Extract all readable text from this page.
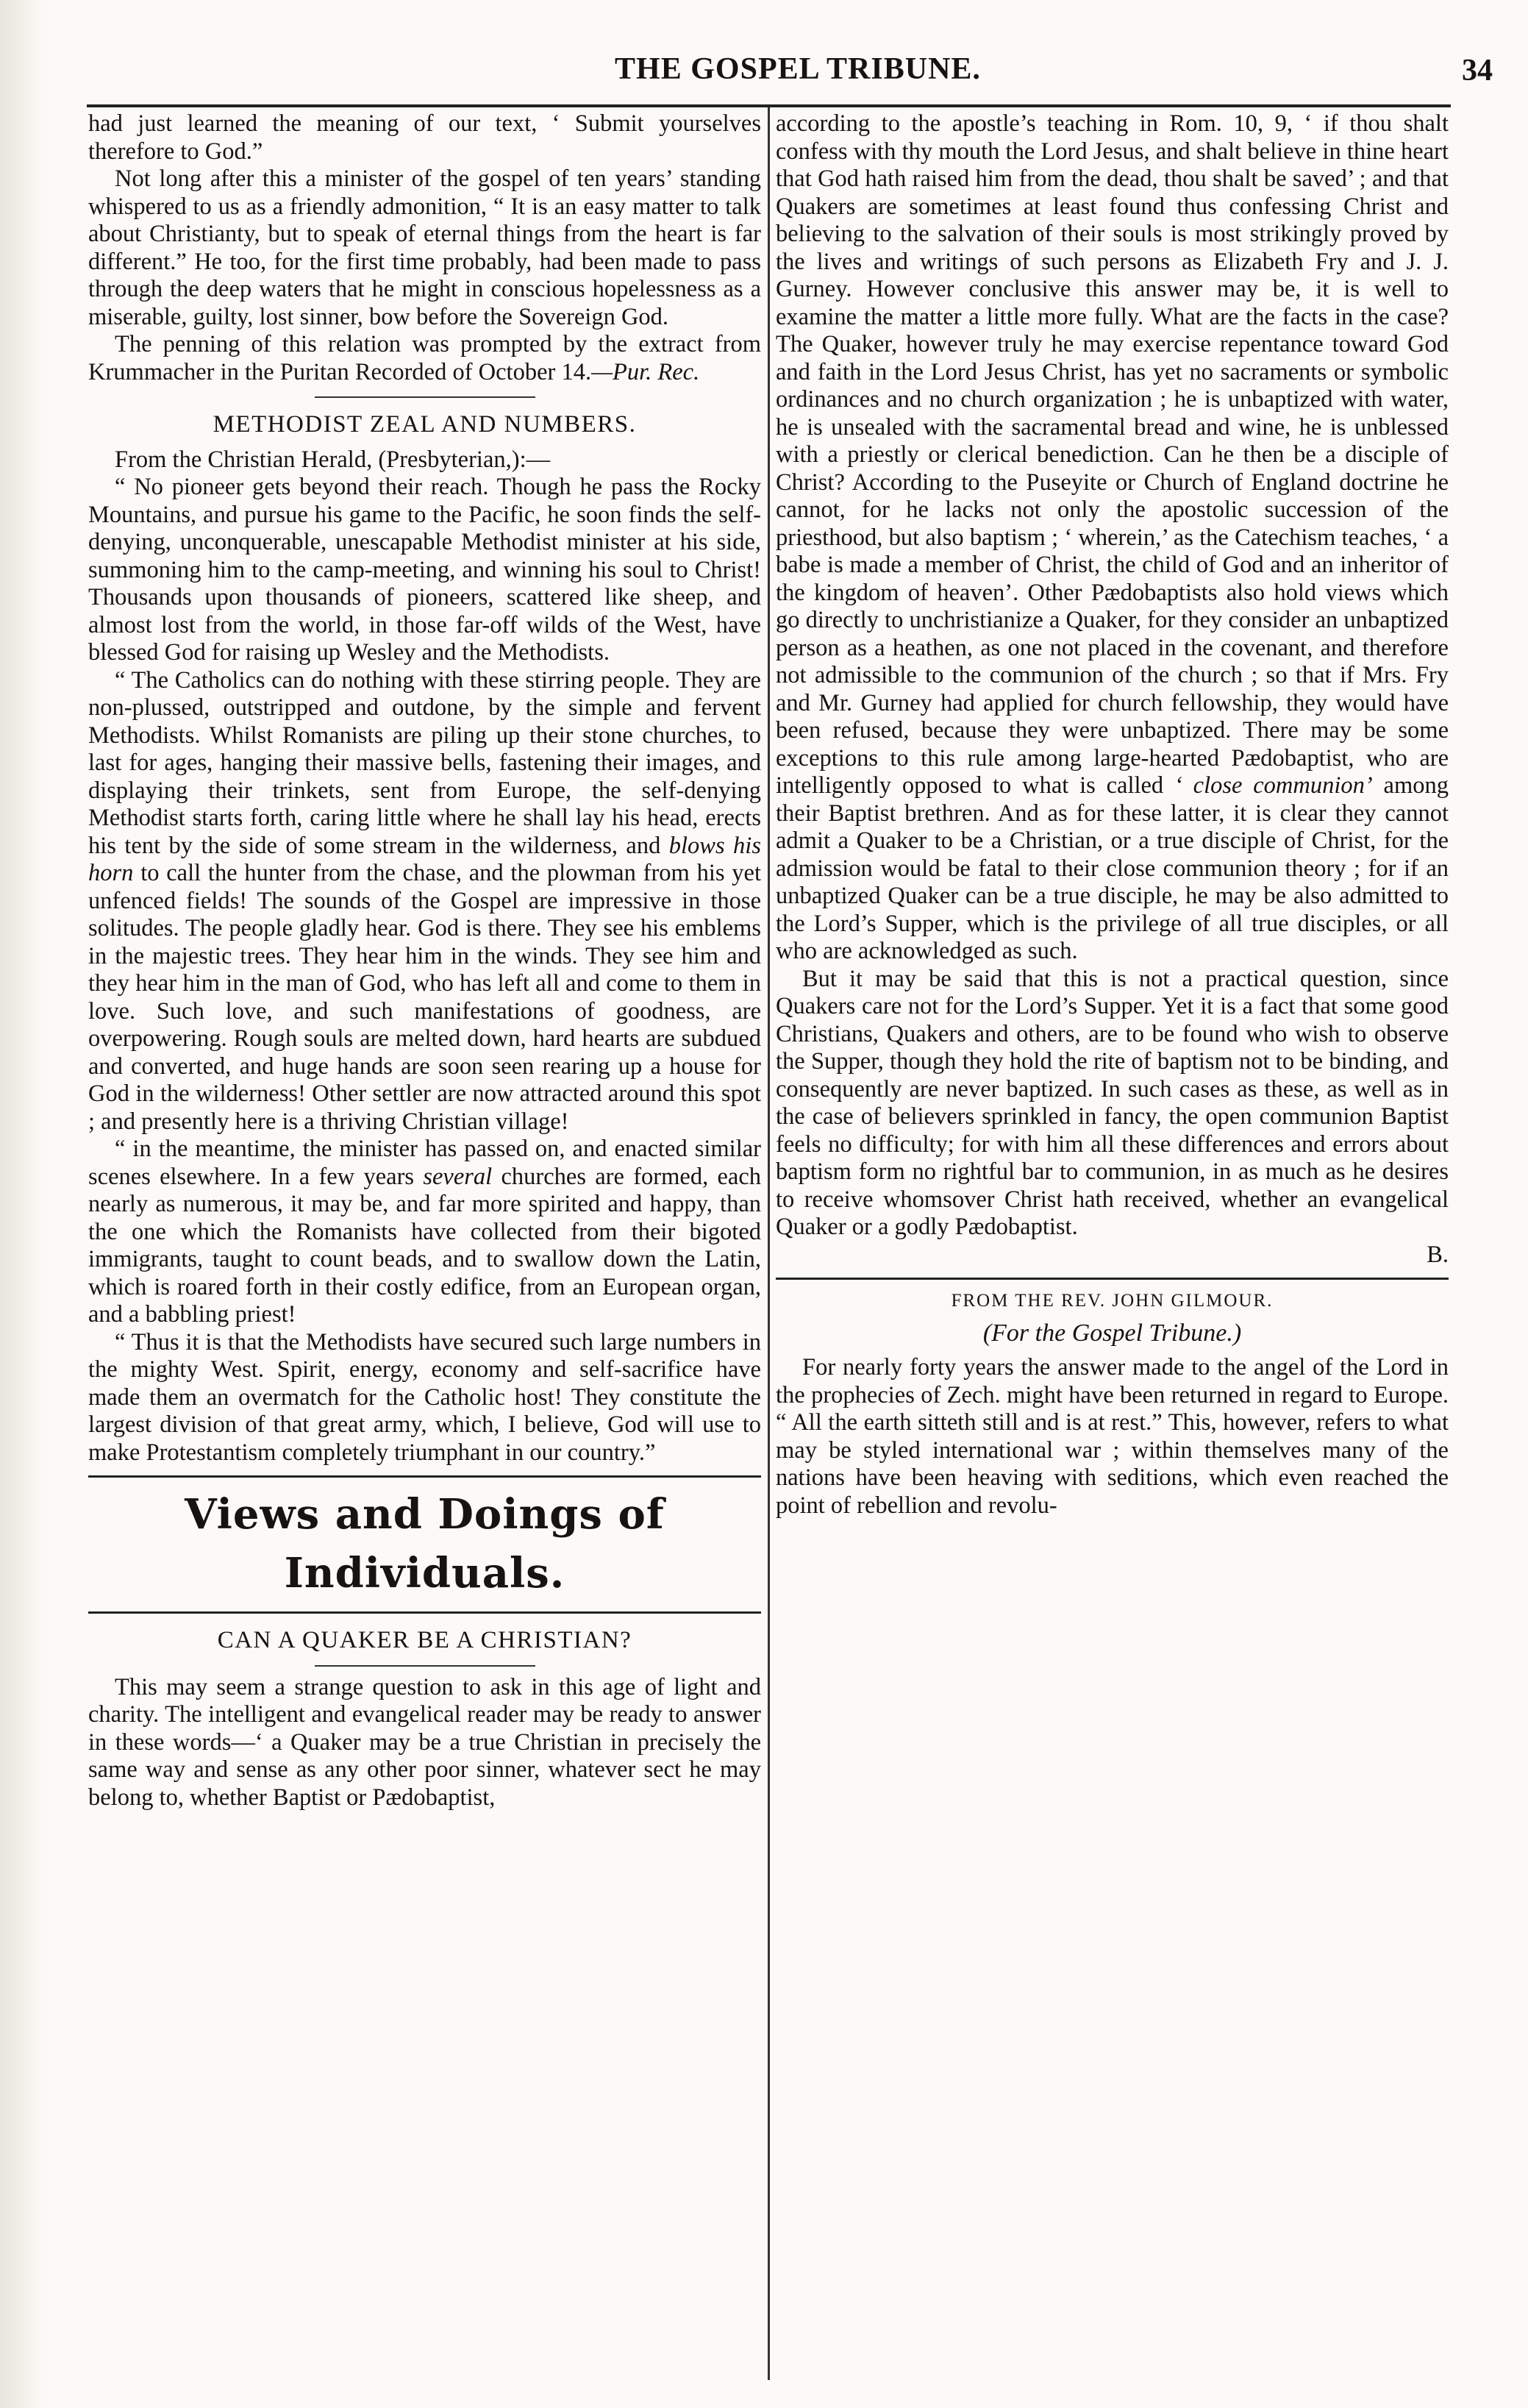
THE GOSPEL TRIBUNE.	34

had just learned the meaning of our text, ‘ Submit yourselves therefore to God.”

Not long after this a minister of the gospel of ten years’ standing whispered to us as a friendly admonition, “ It is an easy matter to talk about Christianty, but to speak of eternal things from the heart is far different.” He too, for the first time probably, had been made to pass through the deep waters that he might in conscious hopelessness as a miserable, guilty, lost sinner, bow before the Sovereign God.

The penning of this relation was prompted by the extract from Krummacher in the Puritan Recorded of October 14.—Pur. Rec.

METHODIST ZEAL AND NUMBERS.

From the Christian Herald, (Presbyterian,):—

“ No pioneer gets beyond their reach. Though he pass the Rocky Mountains, and pursue his game to the Pacific, he soon finds the self-denying, unconquerable, unescapable Methodist minister at his side, summoning him to the camp-meeting, and winning his soul to Christ! Thousands upon thousands of pioneers, scattered like sheep, and almost lost from the world, in those far-off wilds of the West, have blessed God for raising up Wesley and the Methodists.

“ The Catholics can do nothing with these stirring people. They are non-plussed, outstripped and outdone, by the simple and fervent Methodists. Whilst Romanists are piling up their stone churches, to last for ages, hanging their massive bells, fastening their images, and displaying their trinkets, sent from Europe, the self-denying Methodist starts forth, caring little where he shall lay his head, erects his tent by the side of some stream in the wilderness, and blows his horn to call the hunter from the chase, and the plowman from his yet unfenced fields! The sounds of the Gospel are impressive in those solitudes. The people gladly hear. God is there. They see his emblems in the majestic trees. They hear him in the winds. They see him and they hear him in the man of God, who has left all and come to them in love. Such love, and such manifestations of goodness, are overpowering. Rough souls are melted down, hard hearts are subdued and converted, and huge hands are soon seen rearing up a house for God in the wilderness! Other settler are now attracted around this spot ; and presently here is a thriving Christian village!

“ in the meantime, the minister has passed on, and enacted similar scenes elsewhere. In a few years several churches are formed, each nearly as numerous, it may be, and far more spirited and happy, than the one which the Romanists have collected from their bigoted immigrants, taught to count beads, and to swallow down the Latin, which is roared forth in their costly edifice, from an European organ, and a babbling priest!

“ Thus it is that the Methodists have secured such large numbers in the mighty West. Spirit, energy, economy and self-sacrifice have made them an overmatch for the Catholic host! They constitute the largest division of that great army, which, I believe, God will use to make Protestantism completely triumphant in our country.”

Views and Doings of Individuals.
CAN A QUAKER BE A CHRISTIAN?

This may seem a strange question to ask in this age of light and charity. The intelligent and evangelical reader may be ready to answer in these words—‘ a Quaker may be a true Christian in precisely the same way and sense as any other poor sinner, whatever sect he may belong to, whether Baptist or Pædobaptist,

according to the apostle’s teaching in Rom. 10, 9, ‘ if thou shalt confess with thy mouth the Lord Jesus, and shalt believe in thine heart that God hath raised him from the dead, thou shalt be saved’ ; and that Quakers are sometimes at least found thus confessing Christ and believing to the salvation of their souls is most strikingly proved by the lives and writings of such persons as Elizabeth Fry and J. J. Gurney. However conclusive this answer may be, it is well to examine the matter a little more fully. What are the facts in the case? The Quaker, however truly he may exercise repentance toward God and faith in the Lord Jesus Christ, has yet no sacraments or symbolic ordinances and no church organization ; he is unbaptized with water, he is unsealed with the sacramental bread and wine, he is unblessed with a priestly or clerical benediction. Can he then be a disciple of Christ? According to the Puseyite or Church of England doctrine he cannot, for he lacks not only the apostolic succession of the priesthood, but also baptism ; ‘ wherein,’ as the Catechism teaches, ‘ a babe is made a member of Christ, the child of God and an inheritor of the kingdom of heaven’. Other Pædobaptists also hold views which go directly to unchristianize a Quaker, for they consider an unbaptized person as a heathen, as one not placed in the covenant, and therefore not admissible to the communion of the church ; so that if Mrs. Fry and Mr. Gurney had applied for church fellowship, they would have been refused, because they were unbaptized. There may be some exceptions to this rule among large-hearted Pædobaptist, who are intelligently opposed to what is called ‘ close communion’ among their Baptist brethren. And as for these latter, it is clear they cannot admit a Quaker to be a Christian, or a true disciple of Christ, for the admission would be fatal to their close communion theory ; for if an unbaptized Quaker can be a true disciple, he may be also admitted to the Lord’s Supper, which is the privilege of all true disciples, or all who are acknowledged as such.

But it may be said that this is not a practical question, since Quakers care not for the Lord’s Supper. Yet it is a fact that some good Christians, Quakers and others, are to be found who wish to observe the Supper, though they hold the rite of baptism not to be binding, and consequently are never baptized. In such cases as these, as well as in the case of believers sprinkled in fancy, the open communion Baptist feels no difficulty; for with him all these differences and errors about baptism form no rightful bar to communion, in as much as he desires to receive whomsover Christ hath received, whether an evangelical Quaker or a godly Pædobaptist.

B.

FROM THE REV. JOHN GILMOUR.
(For the Gospel Tribune.)

For nearly forty years the answer made to the angel of the Lord in the prophecies of Zech. might have been returned in regard to Europe. “ All the earth sitteth still and is at rest.” This, however, refers to what may be styled international war ; within themselves many of the nations have been heaving with seditions, which even reached the point of rebellion and revolu-
